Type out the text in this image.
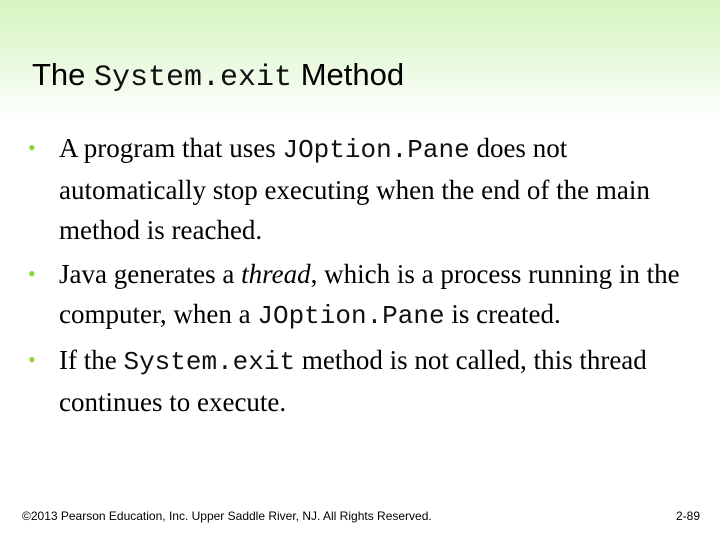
The System.exit Method
• A program that uses JOption.Pane does not automatically stop executing when the end of the main method is reached.
• Java generates a thread, which is a process running in the computer, when a JOption.Pane is created.
• If the System.exit method is not called, this thread continues to execute.
©2013 Pearson Education, Inc. Upper Saddle River, NJ. All Rights Reserved.	2-89
